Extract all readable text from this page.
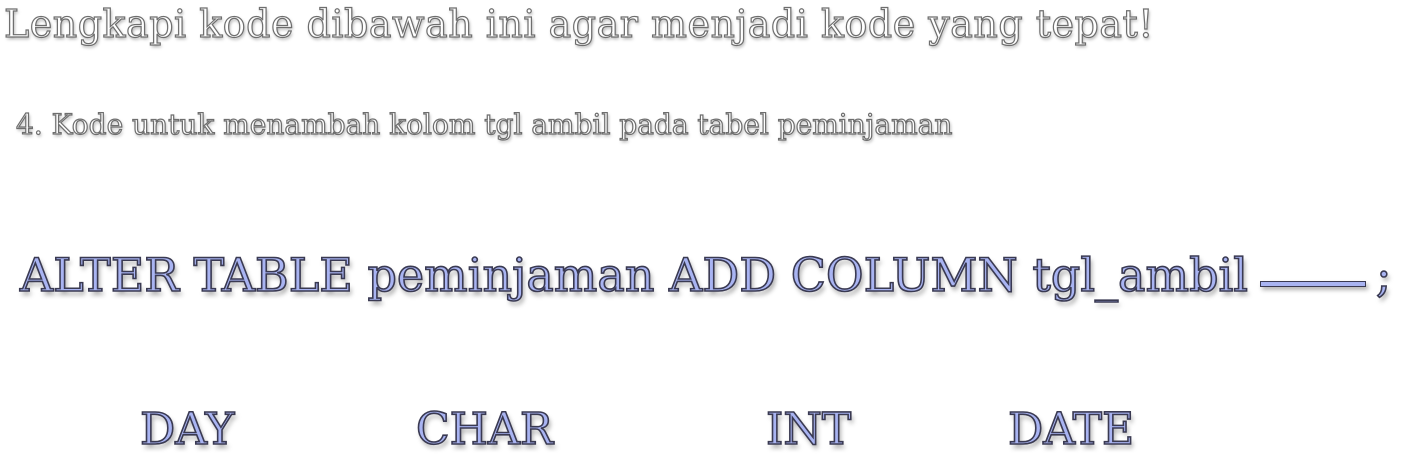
Lengkapi kode dibawah ini agar menjadi kode yang tepat!
4. Kode untuk menambah kolom tgl ambil pada tabel peminjaman
ALTER TABLE
peminjaman
ADD COLUMN
tgl_ambil	;
DAY	CHAR	INT	DATE
